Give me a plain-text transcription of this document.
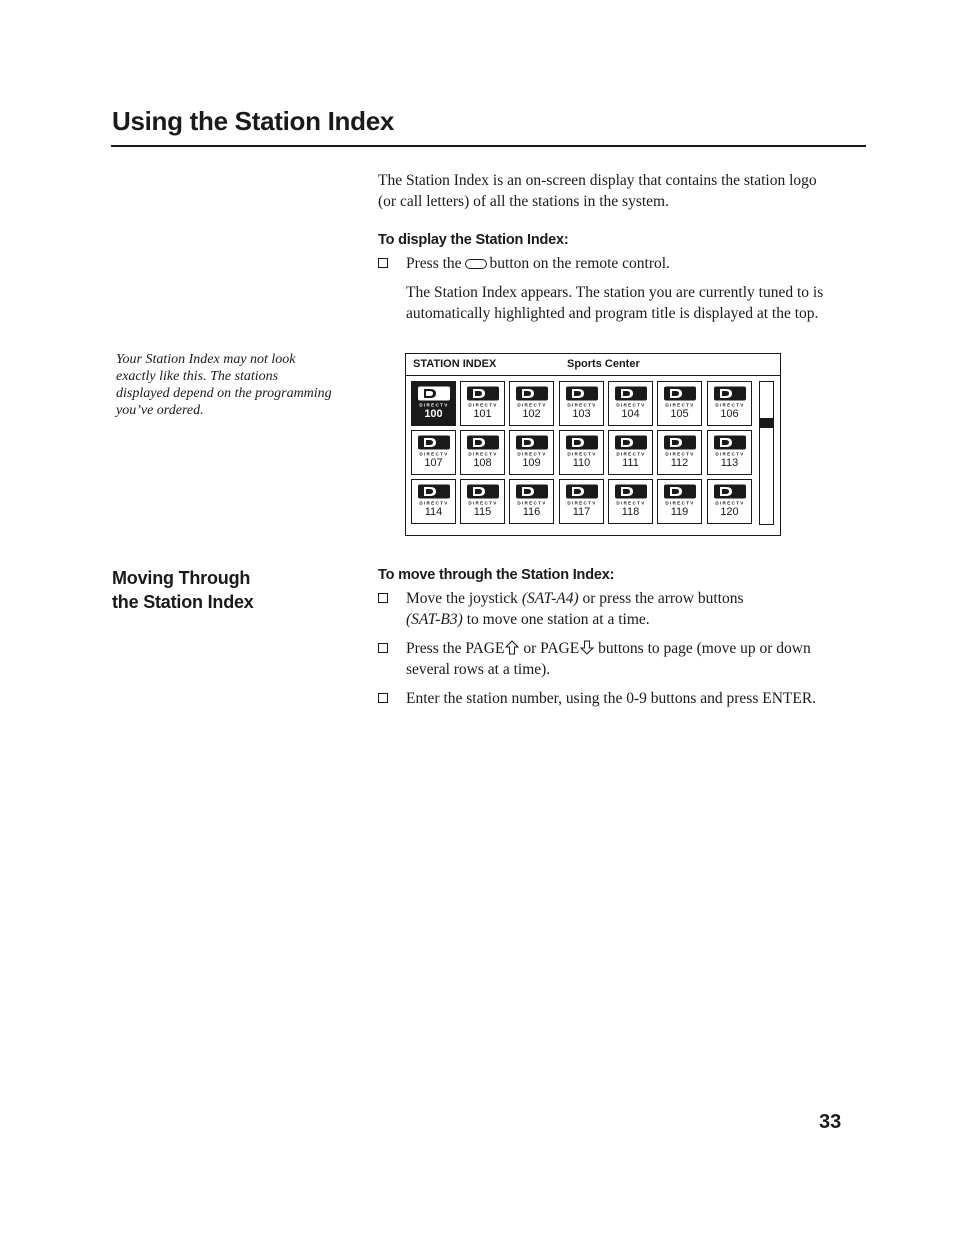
Using the Station Index
The Station Index is an on-screen display that contains the station logo
(or call letters) of all the stations in the system.
To display the Station Index:
Press the button on the remote control.
The Station Index appears. The station you are currently tuned to is
automatically highlighted and program title is displayed at the top.
Your Station Index may not look
exactly like this. The stations
displayed depend on the programming
you’ve ordered.
STATION INDEX	Sports Center
DIRECTV
100
DIRECTV
101
DIRECTV
102
DIRECTV
103
DIRECTV
104
DIRECTV
105
DIRECTV
106
DIRECTV
107
DIRECTV
108
DIRECTV
109
DIRECTV
110
DIRECTV
111
DIRECTV
112
DIRECTV
113
DIRECTV
114
DIRECTV
115
DIRECTV
116
DIRECTV
117
DIRECTV
118
DIRECTV
119
DIRECTV
120
Moving Through
the Station Index
To move through the Station Index:
Move the joystick (SAT-A4) or press the arrow buttons
(SAT-B3) to move one station at a time.
Press the PAGE or PAGE buttons to page (move up or down
several rows at a time).
Enter the station number, using the 0-9 buttons and press ENTER.
33
